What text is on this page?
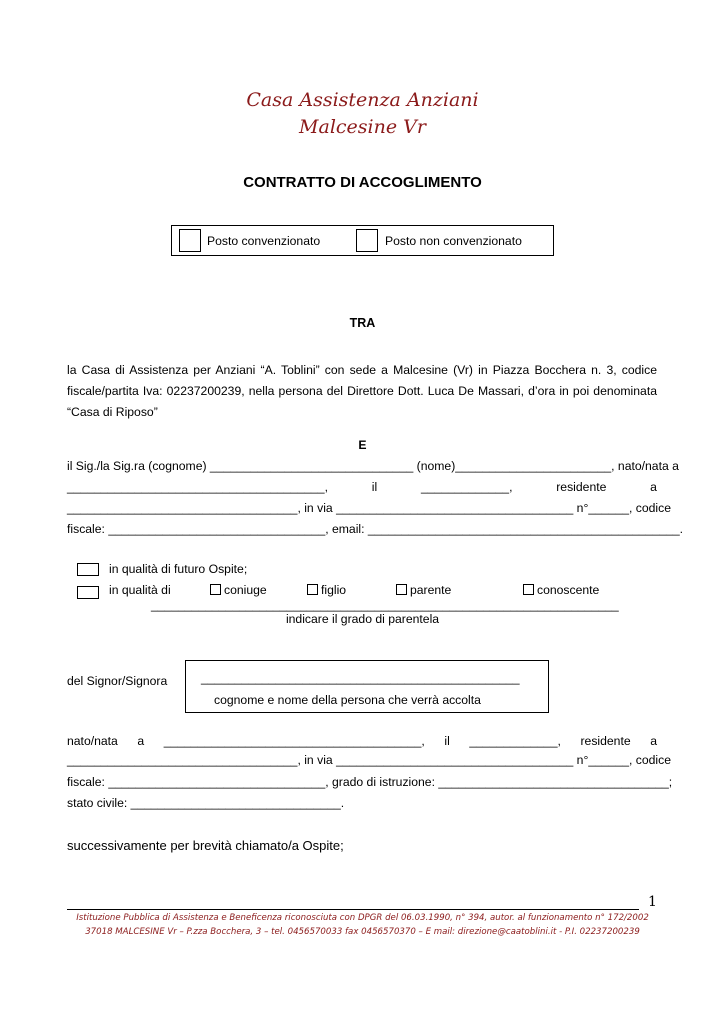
Casa Assistenza Anziani
Malcesine Vr
CONTRATTO DI ACCOGLIMENTO
Posto convenzionato	Posto non convenzionato
TRA
la Casa di Assistenza per Anziani “A. Toblini” con sede a Malcesine (Vr) in Piazza Bocchera n. 3, codice fiscale/partita Iva: 02237200239, nella persona del Direttore Dott. Luca De Massari, d’ora in poi denominata “Casa di Riposo”
E
il Sig./la Sig.ra (cognome) ______________________________ (nome)_______________________, nato/nata a
______________________________________,	il	_____________,	residente	a
__________________________________, in via ___________________________________ n°______, codice
fiscale: ________________________________, email: ______________________________________________.
in qualità di futuro Ospite;
in qualità di	coniuge	figlio	parente	conoscente
_____________________________________________________________________
indicare il grado di parentela
del Signor/Signora	_______________________________________________
cognome e nome della persona che verrà accolta
nato/nata a ______________________________________, il _____________, residente a
__________________________________, in via ___________________________________ n°______, codice
fiscale: ________________________________, grado di istruzione: __________________________________;
stato civile: _______________________________.
successivamente per brevità chiamato/a Ospite;
1
Istituzione Pubblica di Assistenza e Beneficenza riconosciuta con DPGR del 06.03.1990, n° 394, autor. al funzionamento n° 172/2002
37018 MALCESINE Vr – P.zza Bocchera, 3 – tel. 0456570033 fax 0456570370 – E mail: direzione@caatoblini.it - P.I. 02237200239
